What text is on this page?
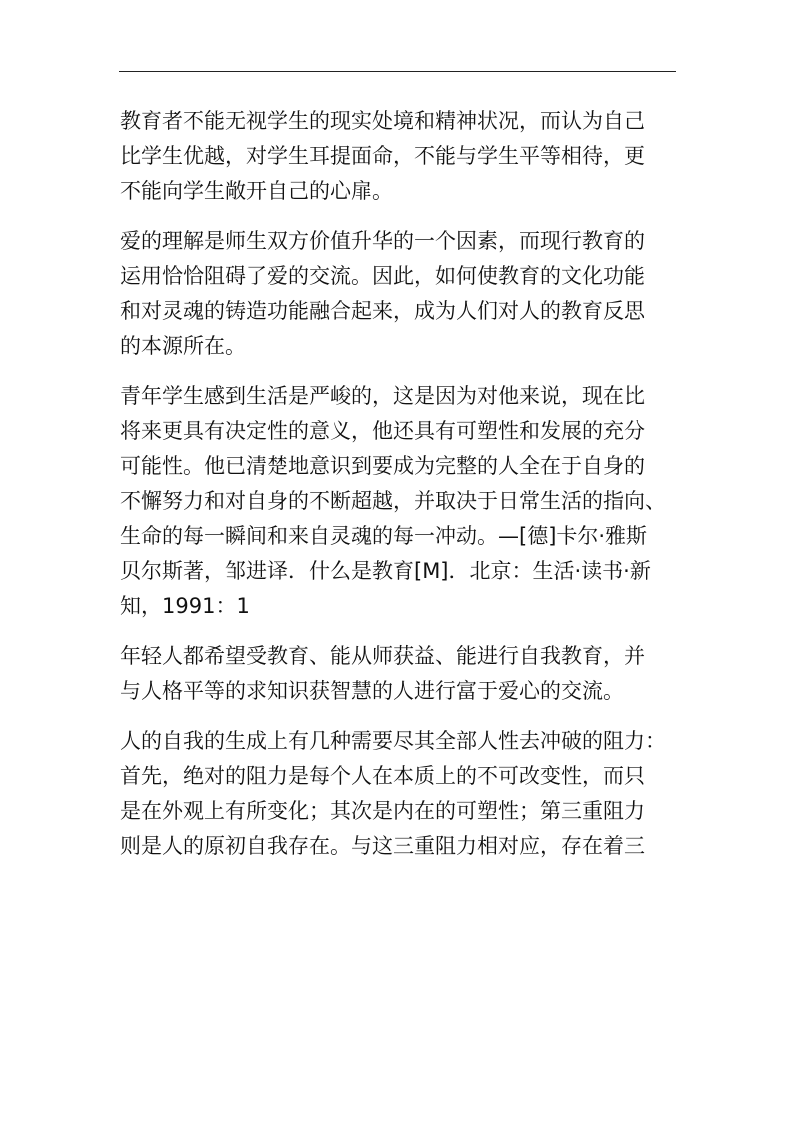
教育者不能无视学生的现实处境和精神状况，而认为自己
比学生优越，对学生耳提面命，不能与学生平等相待，更
不能向学生敞开自己的心扉。

爱的理解是师生双方价值升华的一个因素，而现行教育的
运用恰恰阻碍了爱的交流。因此，如何使教育的文化功能
和对灵魂的铸造功能融合起来，成为人们对人的教育反思
的本源所在。

青年学生感到生活是严峻的，这是因为对他来说，现在比
将来更具有决定性的意义，他还具有可塑性和发展的充分
可能性。他已清楚地意识到要成为完整的人全在于自身的
不懈努力和对自身的不断超越，并取决于日常生活的指向、
生命的每一瞬间和来自灵魂的每一冲动。—[德]卡尔·雅斯
贝尔斯著，邹进译．什么是教育[M]．北京：生活·读书·新
知，1991：1

年轻人都希望受教育、能从师获益、能进行自我教育，并
与人格平等的求知识获智慧的人进行富于爱心的交流。

人的自我的生成上有几种需要尽其全部人性去冲破的阻力：
首先，绝对的阻力是每个人在本质上的不可改变性，而只
是在外观上有所变化；其次是内在的可塑性；第三重阻力
则是人的原初自我存在。与这三重阻力相对应，存在着三
